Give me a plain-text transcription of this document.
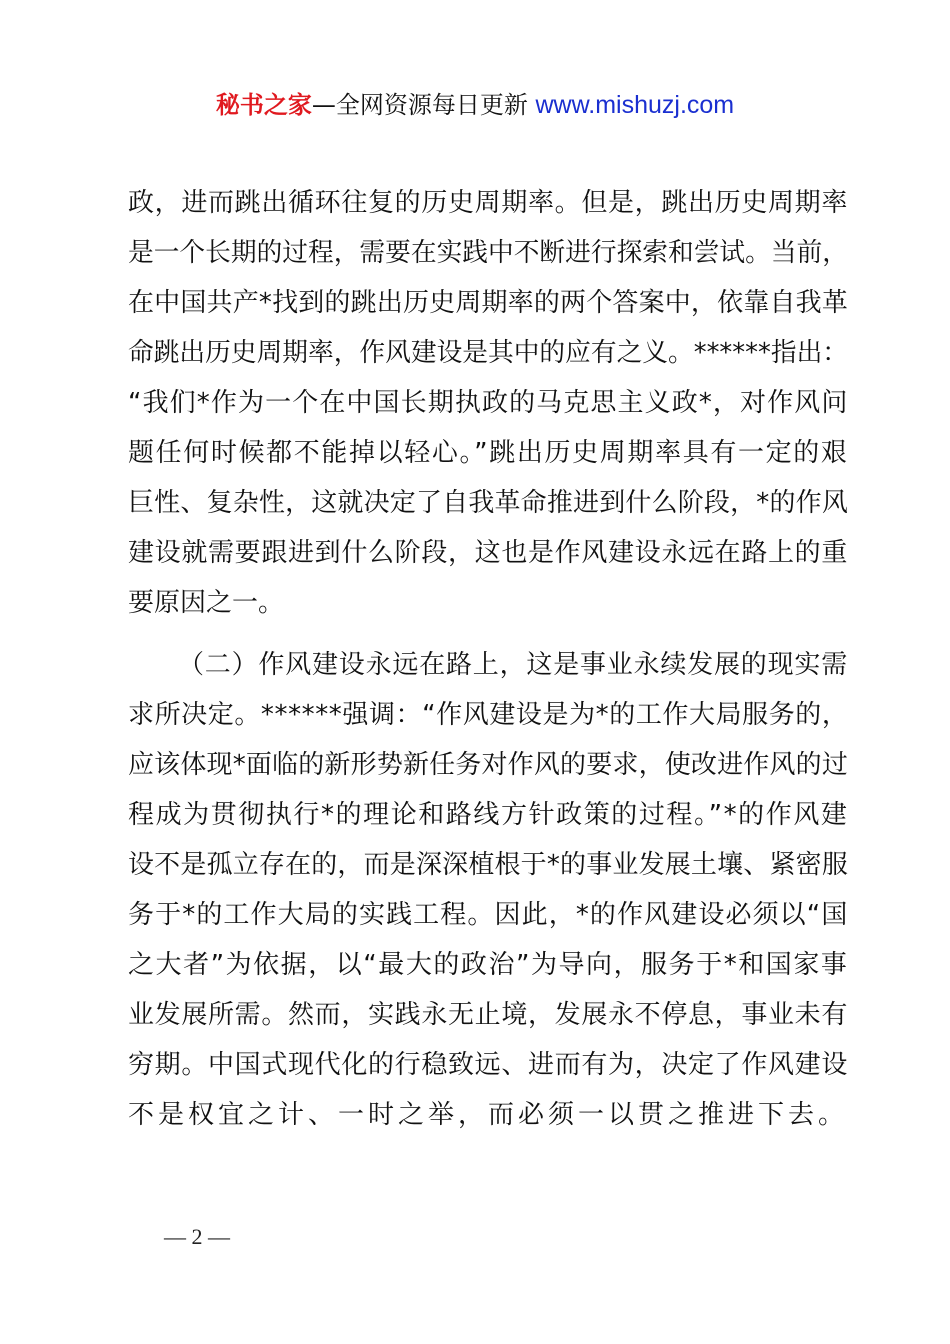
秘书之家—全网资源每日更新 www.mishuzj.com
政，进而跳出循环往复的历史周期率。但是，跳出历史周期率
是一个长期的过程，需要在实践中不断进行探索和尝试。当前，
在中国共产*找到的跳出历史周期率的两个答案中，依靠自我革
命跳出历史周期率，作风建设是其中的应有之义。******指出：
“我们*作为一个在中国长期执政的马克思主义政*，对作风问
题任何时候都不能掉以轻心。”跳出历史周期率具有一定的艰
巨性、复杂性，这就决定了自我革命推进到什么阶段，*的作风
建设就需要跟进到什么阶段，这也是作风建设永远在路上的重
要原因之一。
（二）作风建设永远在路上，这是事业永续发展的现实需
求所决定。******强调：“作风建设是为*的工作大局服务的，
应该体现*面临的新形势新任务对作风的要求，使改进作风的过
程成为贯彻执行*的理论和路线方针政策的过程。”*的作风建
设不是孤立存在的，而是深深植根于*的事业发展土壤、紧密服
务于*的工作大局的实践工程。因此，*的作风建设必须以“国
之大者”为依据，以“最大的政治”为导向，服务于*和国家事
业发展所需。然而，实践永无止境，发展永不停息，事业未有
穷期。中国式现代化的行稳致远、进而有为，决定了作风建设
不是权宜之计、一时之举，而必须一以贯之推进下去。
— 2 —
